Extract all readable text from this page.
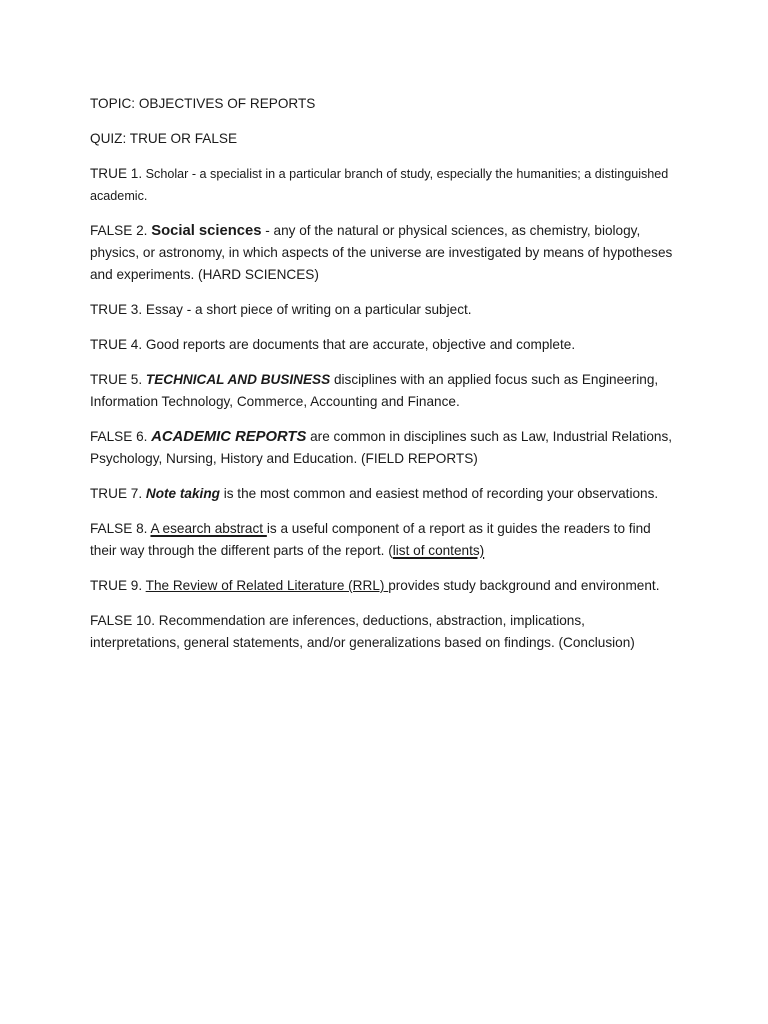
TOPIC: OBJECTIVES OF REPORTS

QUIZ: TRUE OR FALSE

TRUE 1. Scholar - a specialist in a particular branch of study, especially the humanities; a distinguished academic.

FALSE 2. Social sciences - any of the natural or physical sciences, as chemistry, biology, physics, or astronomy, in which aspects of the universe are investigated by means of hypotheses and experiments. (HARD SCIENCES)

TRUE 3. Essay - a short piece of writing on a particular subject.

TRUE 4. Good reports are documents that are accurate, objective and complete.

TRUE 5. TECHNICAL AND BUSINESS disciplines with an applied focus such as Engineering, Information Technology, Commerce, Accounting and Finance.

FALSE 6. ACADEMIC REPORTS are common in disciplines such as Law, Industrial Relations, Psychology, Nursing, History and Education. (FIELD REPORTS)

TRUE 7. Note taking is the most common and easiest method of recording your observations.

FALSE 8. A esearch abstract is a useful component of a report as it guides the readers to find their way through the different parts of the report. (list of contents)

TRUE 9. The Review of Related Literature (RRL) provides study background and environment.

FALSE 10. Recommendation are inferences, deductions, abstraction, implications, interpretations, general statements, and/or generalizations based on findings. (Conclusion)
